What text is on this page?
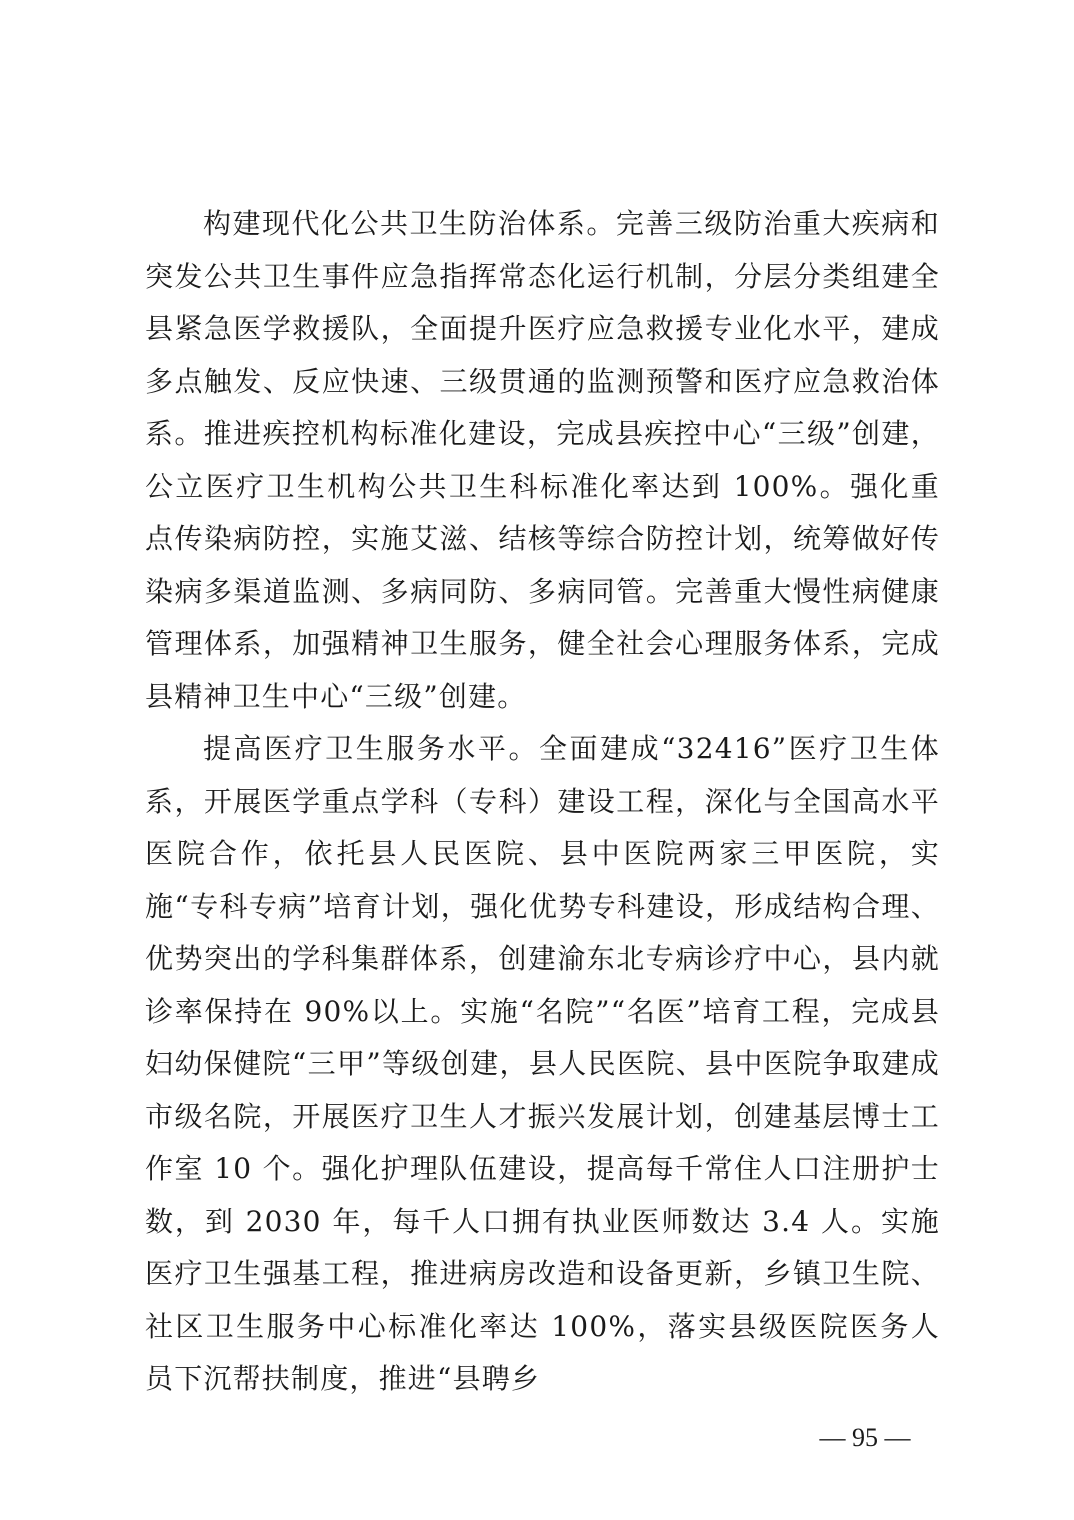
构建现代化公共卫生防治体系。完善三级防治重大疾病和突发公共卫生事件应急指挥常态化运行机制，分层分类组建全县紧急医学救援队，全面提升医疗应急救援专业化水平，建成多点触发、反应快速、三级贯通的监测预警和医疗应急救治体系。推进疾控机构标准化建设，完成县疾控中心“三级”创建，公立医疗卫生机构公共卫生科标准化率达到 100%。强化重点传染病防控，实施艾滋、结核等综合防控计划，统筹做好传染病多渠道监测、多病同防、多病同管。完善重大慢性病健康管理体系，加强精神卫生服务，健全社会心理服务体系，完成县精神卫生中心“三级”创建。

提高医疗卫生服务水平。全面建成“32416”医疗卫生体系，开展医学重点学科（专科）建设工程，深化与全国高水平医院合作，依托县人民医院、县中医院两家三甲医院，实施“专科专病”培育计划，强化优势专科建设，形成结构合理、优势突出的学科集群体系，创建渝东北专病诊疗中心，县内就诊率保持在 90%以上。实施“名院”“名医”培育工程，完成县妇幼保健院“三甲”等级创建，县人民医院、县中医院争取建成市级名院，开展医疗卫生人才振兴发展计划，创建基层博士工作室 10 个。强化护理队伍建设，提高每千常住人口注册护士数，到 2030 年，每千人口拥有执业医师数达 3.4 人。实施医疗卫生强基工程，推进病房改造和设备更新，乡镇卫生院、社区卫生服务中心标准化率达 100%，落实县级医院医务人员下沉帮扶制度，推进“县聘乡

— 95 —
